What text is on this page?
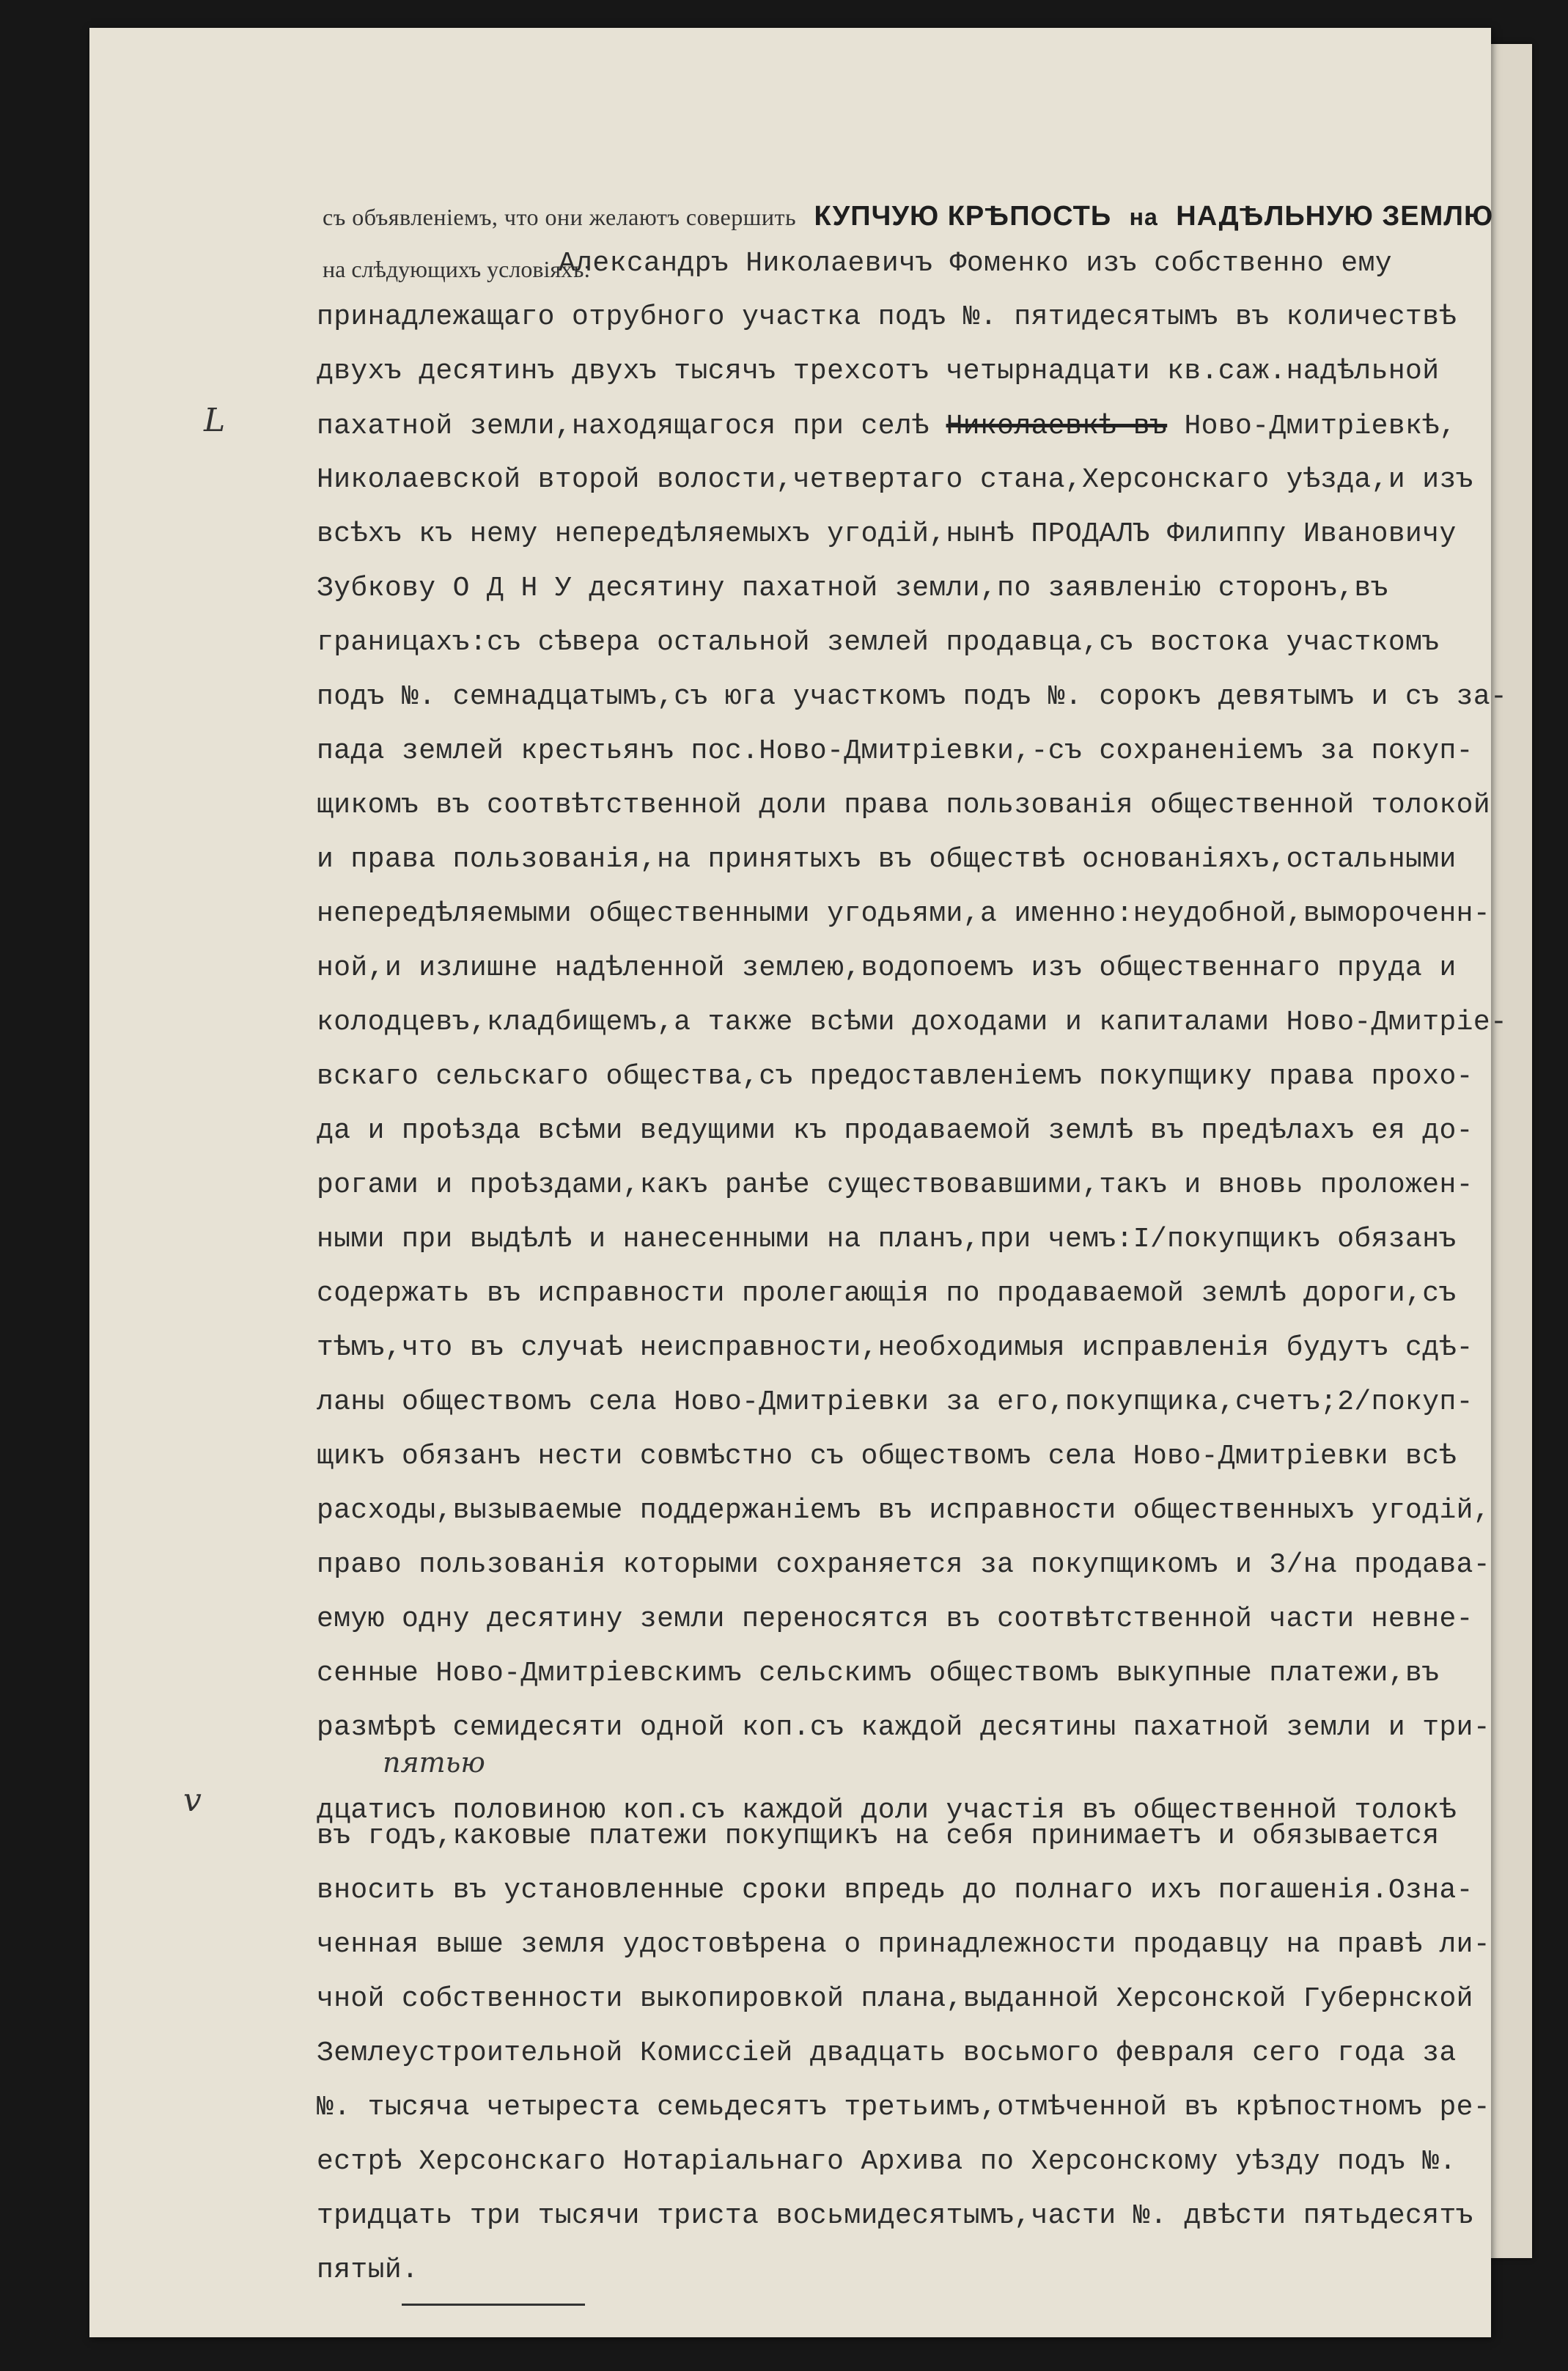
съ объявленіемъ, что они желаютъ совершить КУПЧУЮ КРѢПОСТЬ на НАДѢЛЬНУЮ ЗЕМЛЮ
на слѣдующихъ условіяхъ:
Александръ Николаевичъ Фоменко изъ собственно ему
принадлежащаго отрубного участка подъ №. пятидесятымъ въ количествѣ
двухъ десятинъ двухъ тысячъ трехсотъ четырнадцати кв.саж.надѣльной
Николаевской второй волости,четвертаго стана,Херсонскаго уѣзда,и изъ
всѣхъ къ нему непередѣляемыхъ угодій,нынѣ ПРОДАЛЪ Филиппу Ивановичу
Зубкову О Д Н У десятину пахатной земли,по заявленію сторонъ,въ
границахъ:съ сѣвера остальной землей продавца,съ востока участкомъ
подъ №. семнадцатымъ,съ юга участкомъ подъ №. сорокъ девятымъ и съ за-
пада землей крестьянъ пос.Ново-Дмитріевки,-съ сохраненіемъ за покуп-
щикомъ въ соотвѣтственной доли права пользованія общественной толокой
и права пользованія,на принятыхъ въ обществѣ основаніяхъ,остальными
непередѣляемыми общественными угодьями,а именно:неудобной,вымороченн-
ной,и излишне надѣленной землею,водопоемъ изъ общественнаго пруда и
колодцевъ,кладбищемъ,а также всѣми доходами и капиталами Ново-Дмитріе-
вскаго сельскаго общества,съ предоставленіемъ покупщику права прохо-
да и проѣзда всѣми ведущими къ продаваемой землѣ въ предѣлахъ ея до-
рогами и проѣздами,какъ ранѣе существовавшими,такъ и вновь проложен-
ными при выдѣлѣ и нанесенными на планъ,при чемъ:I/покупщикъ обязанъ
содержать въ исправности пролегающія по продаваемой землѣ дороги,съ
тѣмъ,что въ случаѣ неисправности,необходимыя исправленія будутъ сдѣ-
ланы обществомъ села Ново-Дмитріевки за его,покупщика,счетъ;2/покуп-
щикъ обязанъ нести совмѣстно съ обществомъ села Ново-Дмитріевки всѣ
расходы,вызываемые поддержаніемъ въ исправности общественныхъ угодій,
право пользованія которыми сохраняется за покупщикомъ и 3/на продава-
емую одну десятину земли переносятся въ соотвѣтственной части невне-
сенные Ново-Дмитріевскимъ сельскимъ обществомъ выкупные платежи,въ
размѣрѣ семидесяти одной коп.съ каждой десятины пахатной земли и три-
въ годъ,каковые платежи покупщикъ на себя принимаетъ и обязывается
вносить въ установленные сроки впредь до полнаго ихъ погашенія.Озна-
ченная выше земля удостовѣрена о принадлежности продавцу на правѣ ли-
чной собственности выкопировкой плана,выданной Херсонской Губернской
Землеустроительной Комиссіей двадцать восьмого февраля сего года за
№. тысяча четыреста семьдесятъ третьимъ,отмѣченной въ крѣпостномъ ре-
естрѣ Херсонскаго Нотаріальнаго Архива по Херсонскому уѣзду подъ №.
тридцать три тысячи триста восьмидесятымъ,части №. двѣсти пятьдесятъ
пятый.
пахатной земли,находящагося при селѣ Николаевкѣ въ Ново-Дмитріевкѣ,
дцатисъ половиною коп.съ каждой доли участія въ общественной толокѣ
пятью
L
v
